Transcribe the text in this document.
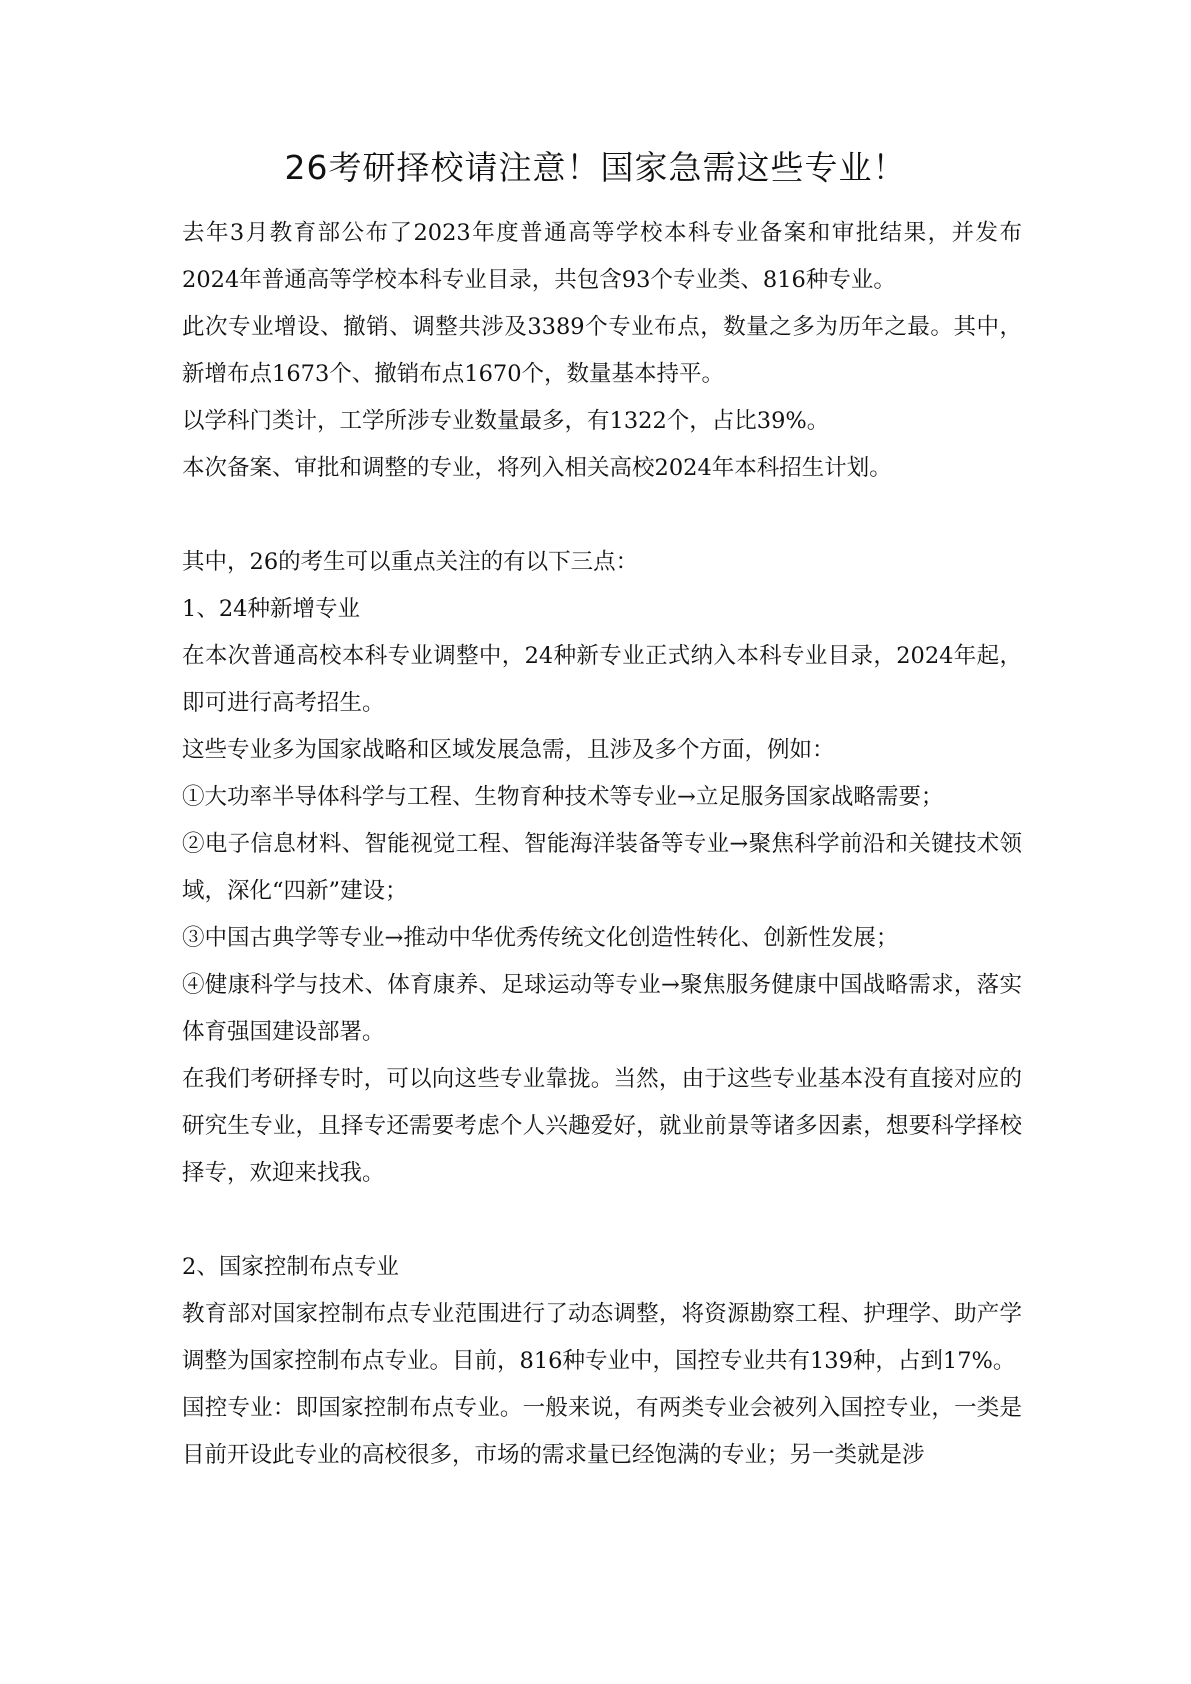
26考研择校请注意！国家急需这些专业！

去年3月教育部公布了2023年度普通高等学校本科专业备案和审批结果，并发布2024年普通高等学校本科专业目录，共包含93个专业类、816种专业。

此次专业增设、撤销、调整共涉及3389个专业布点，数量之多为历年之最。其中，新增布点1673个、撤销布点1670个，数量基本持平。

以学科门类计，工学所涉专业数量最多，有1322个，占比39%。

本次备案、审批和调整的专业，将列入相关高校2024年本科招生计划。

其中，26的考生可以重点关注的有以下三点：

1、24种新增专业

在本次普通高校本科专业调整中，24种新专业正式纳入本科专业目录，2024年起，即可进行高考招生。

这些专业多为国家战略和区域发展急需，且涉及多个方面，例如：

①大功率半导体科学与工程、生物育种技术等专业→立足服务国家战略需要；

②电子信息材料、智能视觉工程、智能海洋装备等专业→聚焦科学前沿和关键技术领域，深化“四新”建设；

③中国古典学等专业→推动中华优秀传统文化创造性转化、创新性发展；

④健康科学与技术、体育康养、足球运动等专业→聚焦服务健康中国战略需求，落实体育强国建设部署。

在我们考研择专时，可以向这些专业靠拢。当然，由于这些专业基本没有直接对应的研究生专业，且择专还需要考虑个人兴趣爱好，就业前景等诸多因素，想要科学择校择专，欢迎来找我。

2、国家控制布点专业

教育部对国家控制布点专业范围进行了动态调整，将资源勘察工程、护理学、助产学调整为国家控制布点专业。目前，816种专业中，国控专业共有139种，占到17%。

国控专业：即国家控制布点专业。一般来说，有两类专业会被列入国控专业，一类是目前开设此专业的高校很多，市场的需求量已经饱满的专业；另一类就是涉
